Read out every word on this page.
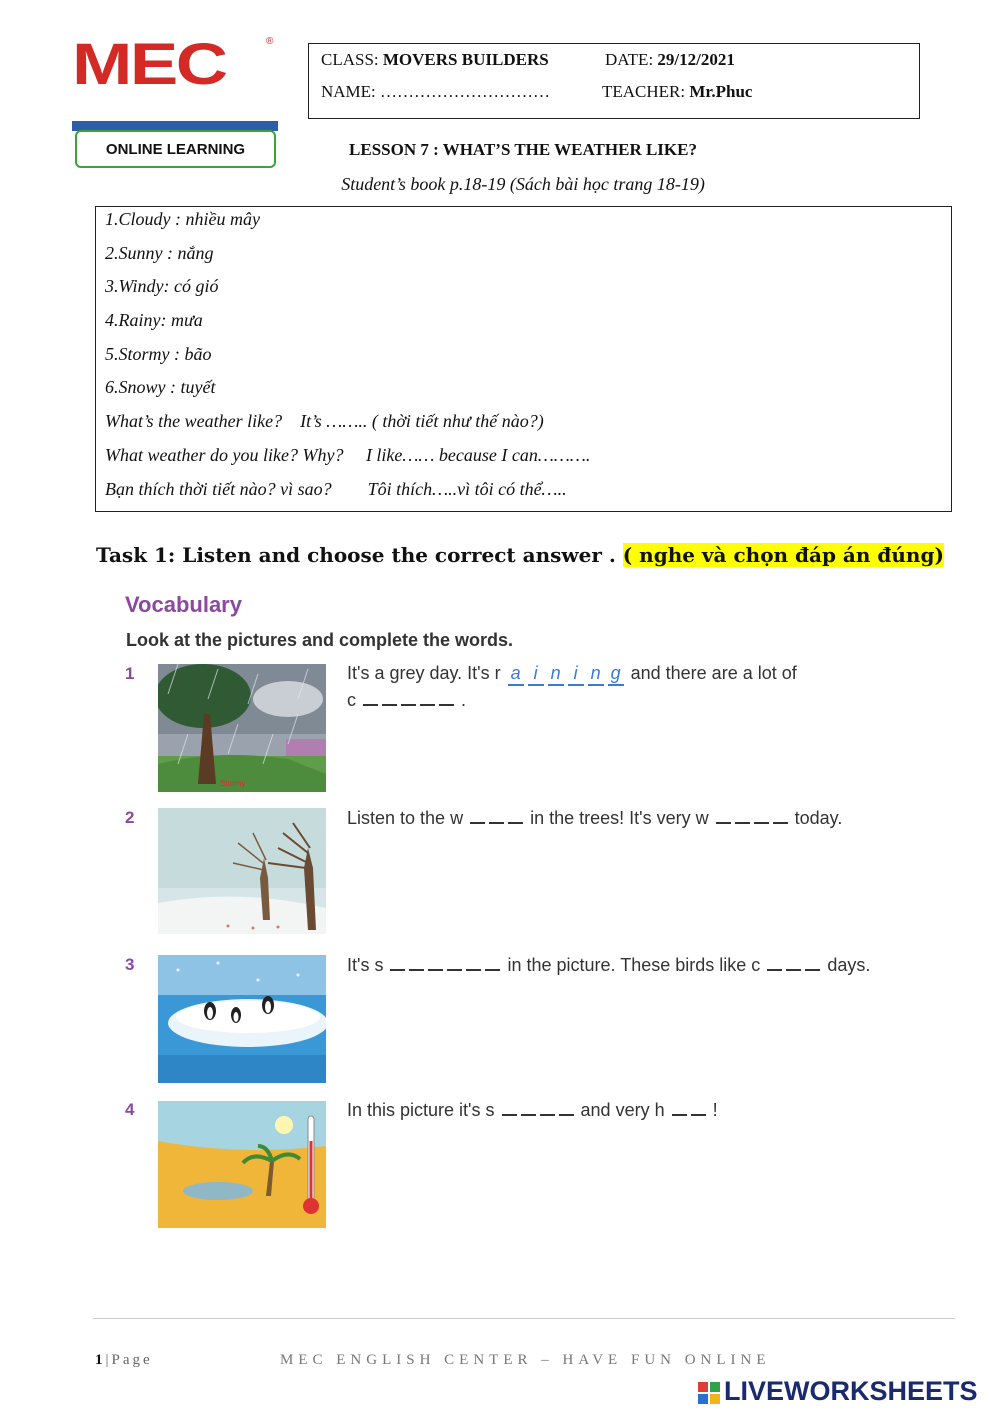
MEC	®
ONLINE LEARNING
CLASS: MOVERS BUILDERS	DATE: 29/12/2021
NAME: …………………………	TEACHER: Mr.Phuc
LESSON 7 : WHAT’S THE WEATHER LIKE?
Student’s book p.18-19 (Sách bài học trang 18-19)
1.Cloudy : nhiều mây
2.Sunny : nắng
3.Windy: có gió
4.Rainy: mưa
5.Stormy : bão
6.Snowy : tuyết
What’s the weather like?    It’s …….. ( thời tiết như thế nào?)
What weather do you like? Why?     I like…… because I can……….
Bạn thích thời tiết nào? vì sao?        Tôi thích…..vì tôi có thể…..
Task 1: Listen and choose the correct answer . ( nghe và chọn đáp án đúng)
Vocabulary
Look at the pictures and complete the words.
1
Stormy
It's a grey day. It's r a i n i n g and there are a lot of
c	.
2	Listen to the w	in the trees! It's very w	today.
3	It's s	in the picture. These birds like c	days.
4	In this picture it's s	and very h	!
1|Page	MEC ENGLISH CENTER – HAVE FUN ONLINE
LIVEWORKSHEETS
